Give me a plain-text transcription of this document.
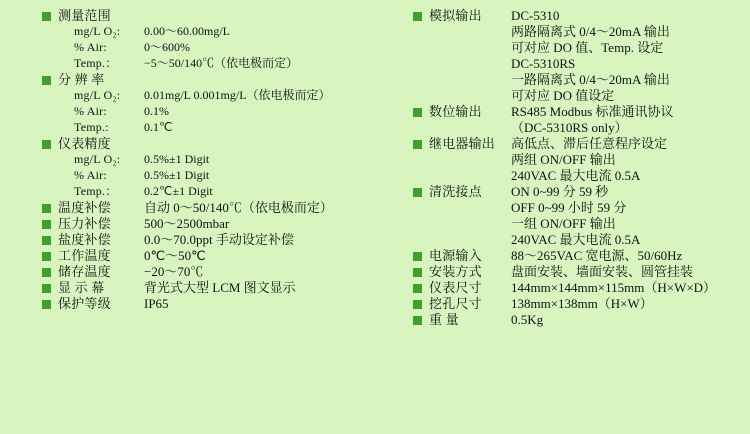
测量范围
mg/L O₂:	0.00～60.00mg/L
% Air:	0～600%
Temp.：	−5～50/140℃（依电极而定）
分 辨 率
mg/L O₂:	0.01mg/L 0.001mg/L（依电极而定）
% Air:	0.1%
Temp.:	0.1℃
仪表精度
mg/L O₂:	0.5%±1 Digit
% Air:	0.5%±1 Digit
Temp.：	0.2℃±1 Digit
温度补偿	自动 0～50/140℃（依电极而定）
压力补偿	500～2500mbar
盐度补偿	0.0～70.0ppt 手动设定补偿
工作温度	0℃～50℃
储存温度	−20～70℃
显 示 幕	背光式大型 LCM 图文显示
保护等级	IP65
模拟输出	DC-5310
两路隔离式 0/4～20mA 输出
可对应 DO 值、Temp. 设定
DC-5310RS
一路隔离式 0/4～20mA 输出
可对应 DO 值设定
数位输出	RS485 Modbus 标准通讯协议
（DC-5310RS only）
继电器输出	高低点、滞后任意程序设定
两组 ON/OFF 输出
240VAC 最大电流 0.5A
清洗接点	ON 0~99 分 59 秒
OFF 0~99 小时 59 分
一组 ON/OFF 输出
240VAC 最大电流 0.5A
电源输入	88～265VAC 宽电源、50/60Hz
安装方式	盘面安装、墙面安装、圆管挂装
仪表尺寸	144mm×144mm×115mm（H×W×D）
挖孔尺寸	138mm×138mm（H×W）
重 量	0.5Kg
